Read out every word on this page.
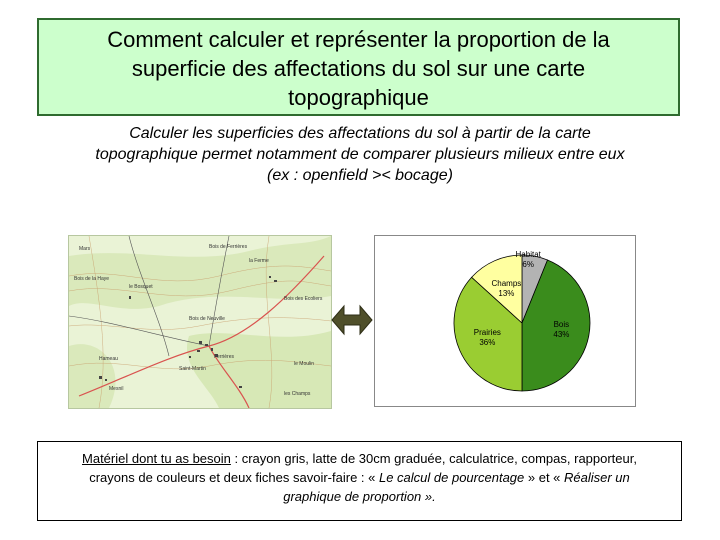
Comment calculer et représenter la proportion de la
superficie des affectations du sol sur une carte
topographique
Calculer les superficies des affectations du sol à partir de la carte
topographique permet notamment de comparer plusieurs milieux entre eux
(ex : openfield >< bocage)
Bois de Ferrières
Ferrières
Bois de la Haye
le Bosquet
Bois des Ecoliers
Saint-Martin
Mesnil
la Ferme
Hameau
le Moulin
Mars
les Champs
Bois de Neuville
Habitat
6%
Bois
43%
Prairies
36%
Champs
13%
Matériel dont tu as besoin : crayon gris, latte de 30cm graduée, calculatrice, compas, rapporteur,
crayons de couleurs et deux fiches savoir-faire : « Le calcul de pourcentage » et « Réaliser un
graphique de proportion ».
